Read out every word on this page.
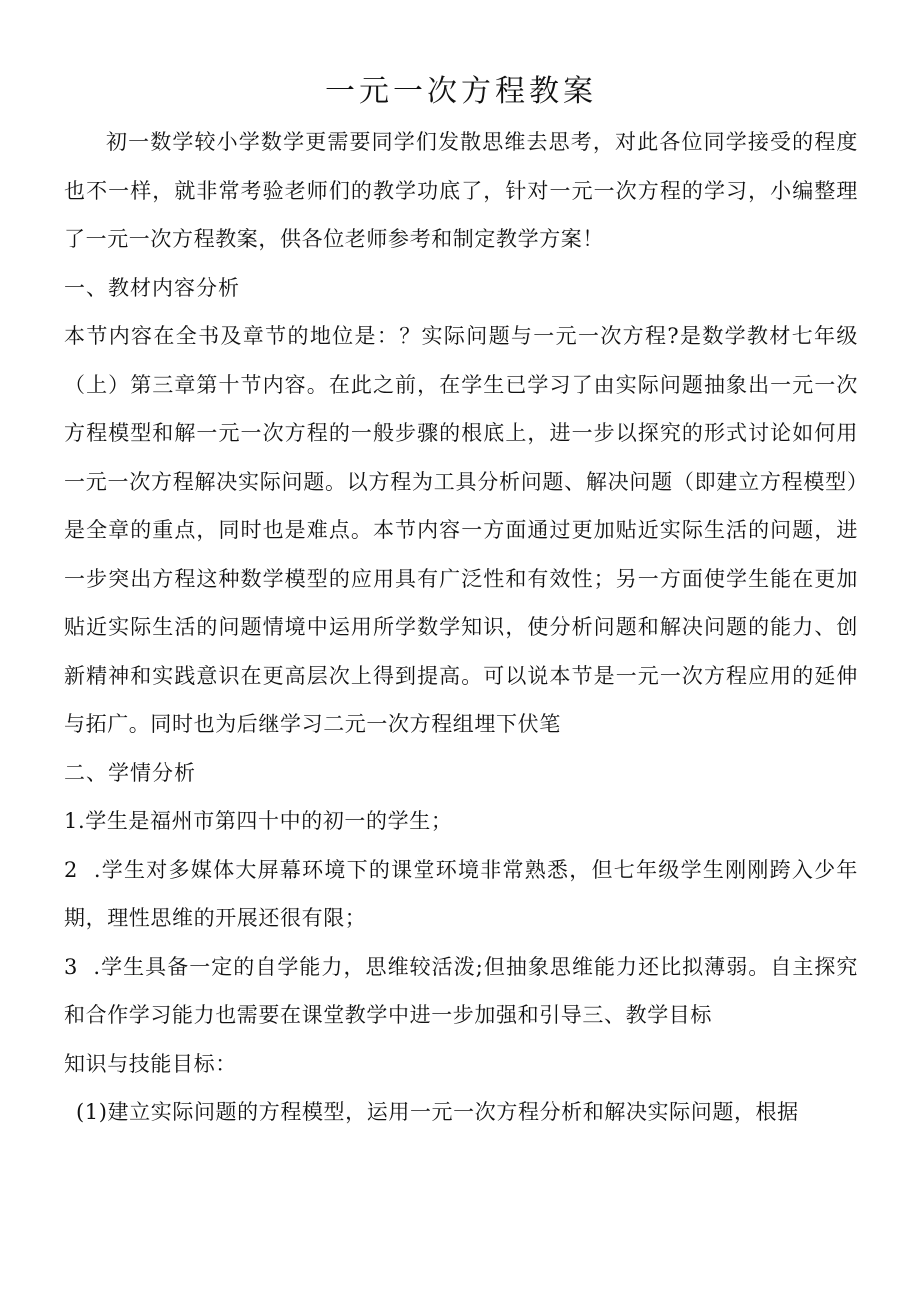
一元一次方程教案

初一数学较小学数学更需要同学们发散思维去思考，对此各位同学接受的程度也不一样，就非常考验老师们的教学功底了，针对一元一次方程的学习，小编整理了一元一次方程教案，供各位老师参考和制定教学方案！

一、教材内容分析

本节内容在全书及章节的地位是：？实际问题与一元一次方程?是数学教材七年级（上）第三章第十节内容。在此之前，在学生已学习了由实际问题抽象出一元一次方程模型和解一元一次方程的一般步骤的根底上，进一步以探究的形式讨论如何用一元一次方程解决实际问题。以方程为工具分析问题、解决问题（即建立方程模型）是全章的重点，同时也是难点。本节内容一方面通过更加贴近实际生活的问题，进一步突出方程这种数学模型的应用具有广泛性和有效性；另一方面使学生能在更加贴近实际生活的问题情境中运用所学数学知识，使分析问题和解决问题的能力、创新精神和实践意识在更高层次上得到提高。可以说本节是一元一次方程应用的延伸与拓广。同时也为后继学习二元一次方程组埋下伏笔

二、学情分析

1.学生是福州市第四十中的初一的学生；

2  .学生对多媒体大屏幕环境下的课堂环境非常熟悉，但七年级学生刚刚跨入少年期，理性思维的开展还很有限；

3  .学生具备一定的自学能力，思维较活泼;但抽象思维能力还比拟薄弱。自主探究和合作学习能力也需要在课堂教学中进一步加强和引导三、教学目标

知识与技能目标：

(1)建立实际问题的方程模型，运用一元一次方程分析和解决实际问题，根据
